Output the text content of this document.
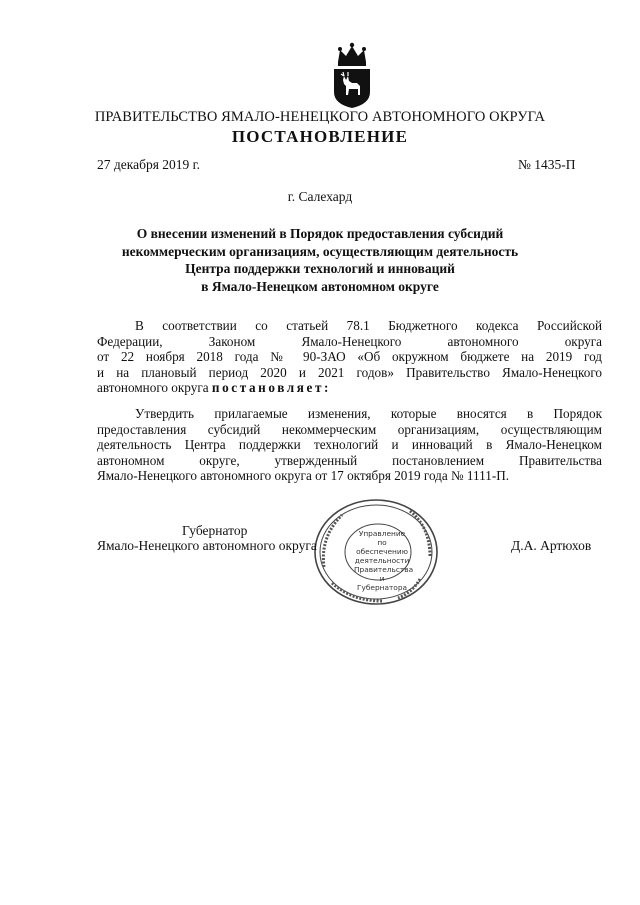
ПРАВИТЕЛЬСТВО ЯМАЛО-НЕНЕЦКОГО АВТОНОМНОГО ОКРУГА
ПОСТАНОВЛЕНИЕ
27 декабря 2019 г.	№ 1435-П
г. Салехард
О внесении изменений в Порядок предоставления субсидий
некоммерческим организациям, осуществляющим деятельность
Центра поддержки технологий и инноваций
в Ямало-Ненецком автономном округе
В соответствии со статьей 78.1 Бюджетного кодекса Российской
Федерации, Законом Ямало-Ненецкого автономного округа
от 22 ноября 2018 года № 90-ЗАО «Об окружном бюджете на 2019 год
и на плановый период 2020 и 2021 годов» Правительство Ямало-Ненецкого
автономного округа постановляет:
Утвердить прилагаемые изменения, которые вносятся в Порядок
предоставления субсидий некоммерческим организациям, осуществляющим
деятельность Центра поддержки технологий и инноваций в Ямало-Ненецком
автономном округе, утвержденный постановлением Правительства
Ямало-Ненецкого автономного округа от 17 октября 2019 года № 1111-П.
Управление по
обеспечению
деятельности
Правительства
и Губернатора
Губернатор
Ямало-Ненецкого автономного округа	Д.А. Артюхов
